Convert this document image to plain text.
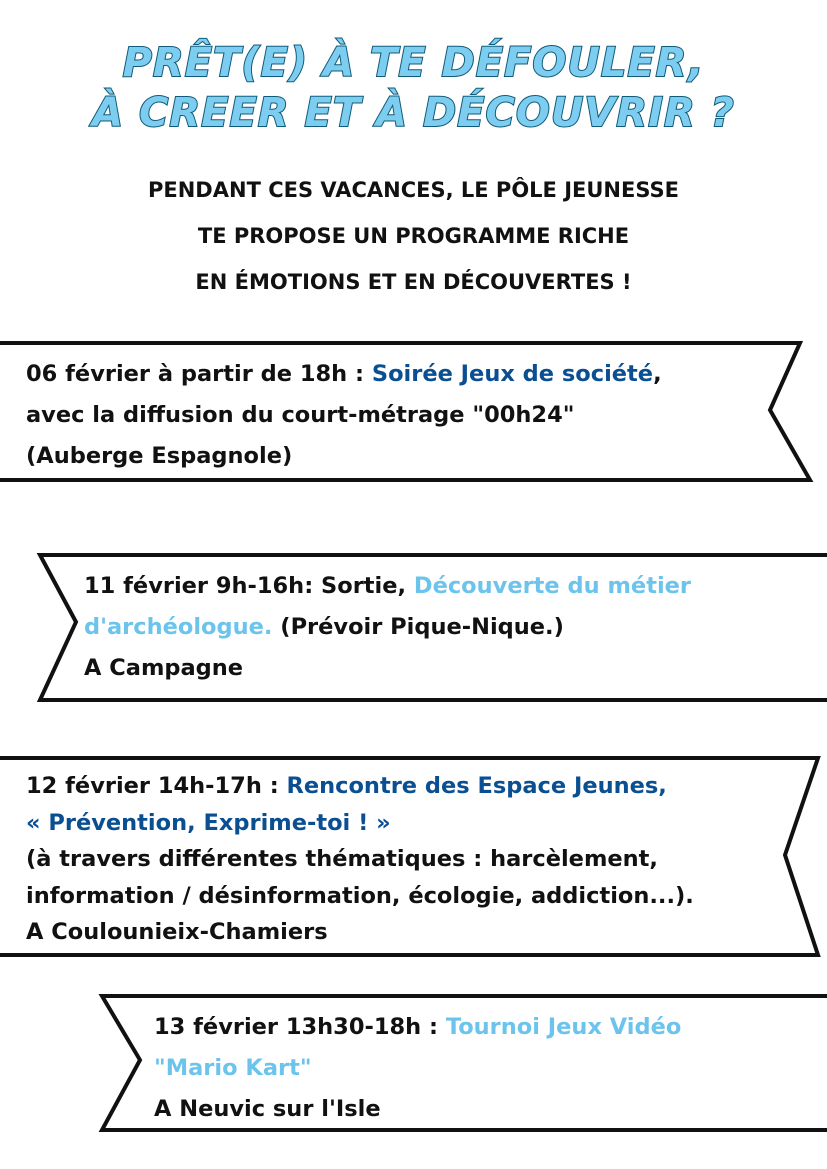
PRÊT(E) À TE DÉFOULER,
À CREER ET À DÉCOUVRIR ?
PENDANT CES VACANCES, LE PÔLE JEUNESSE
TE PROPOSE UN PROGRAMME RICHE
EN ÉMOTIONS ET EN DÉCOUVERTES !
06 février à partir de 18h : Soirée Jeux de société,
avec la diffusion du court-métrage "00h24"
(Auberge Espagnole)
11 février 9h-16h: Sortie, Découverte du métier
d'archéologue. (Prévoir Pique-Nique.)
A Campagne
12 février 14h-17h : Rencontre des Espace Jeunes,
« Prévention, Exprime-toi ! »
(à travers différentes thématiques : harcèlement,
information / désinformation, écologie, addiction...).
A Coulounieix-Chamiers
13 février 13h30-18h : Tournoi Jeux Vidéo
"Mario Kart"
A Neuvic sur l'Isle
